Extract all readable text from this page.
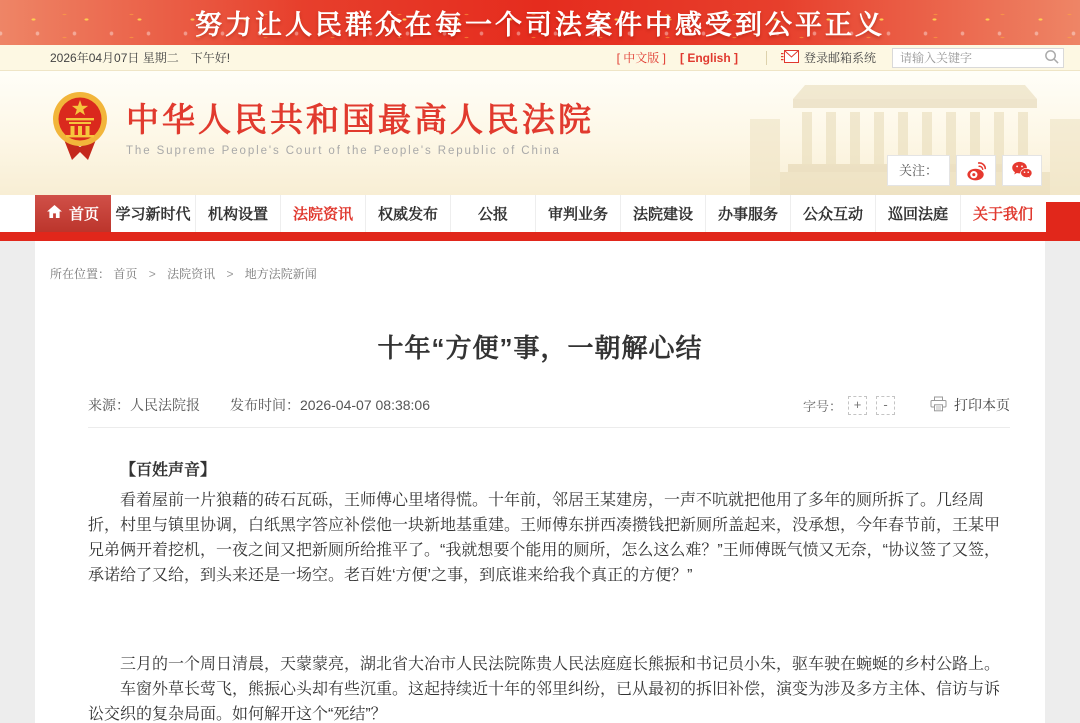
努力让人民群众在每一个司法案件中感受到公平正义
2026年04月07日 星期二　下午好!	[ 中文版 ] [ English ]	登录邮箱系统
请输入关键字
中华人民共和国最高人民法院
The Supreme People's Court of the People's Republic of China
关注：
首页 学习新时代	机构设置	法院资讯	权威发布	公报	审判业务	法院建设	办事服务	公众互动	巡回法庭	关于我们
所在位置： 首页 > 法院资讯 > 地方法院新闻
十年“方便”事，一朝解心结
来源： 人民法院报 发布时间： 2026-04-07 08:38:06	字号： +	-	打印本页

【百姓声音】

看着屋前一片狼藉的砖石瓦砾，王师傅心里堵得慌。十年前，邻居王某建房，一声不吭就把他用了多年的厕所拆了。几经周折，村里与镇里协调，白纸黑字答应补偿他一块新地基重建。王师傅东拼西凑攒钱把新厕所盖起来，没承想，今年春节前，王某甲兄弟俩开着挖机，一夜之间又把新厕所给推平了。“我就想要个能用的厕所，怎么这么难？”王师傅既气愤又无奈，“协议签了又签，承诺给了又给，到头来还是一场空。老百姓‘方便’之事，到底谁来给我个真正的方便？”

三月的一个周日清晨，天蒙蒙亮，湖北省大冶市人民法院陈贵人民法庭庭长熊振和书记员小朱，驱车驶在蜿蜒的乡村公路上。

车窗外草长莺飞，熊振心头却有些沉重。这起持续近十年的邻里纠纷，已从最初的拆旧补偿，演变为涉及多方主体、信访与诉讼交织的复杂局面。如何解开这个“死结”？
